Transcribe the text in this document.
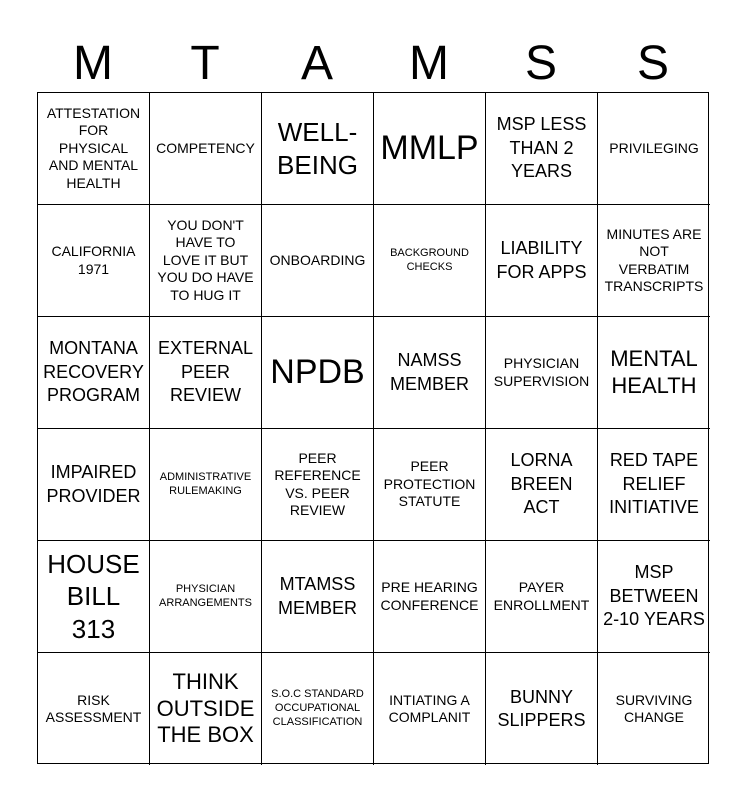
M	T	A	M	S	S
ATTESTATION FOR PHYSICAL AND MENTAL HEALTH
COMPETENCY
WELL-BEING MMLP
MSP LESS THAN 2 YEARS
PRIVILEGING
CALIFORNIA 1971
YOU DON'T HAVE TO LOVE IT BUT YOU DO HAVE TO HUG IT
ONBOARDING	BACKGROUND CHECKS
LIABILITY FOR APPS
MINUTES ARE NOT VERBATIM TRANSCRIPTS
MONTANA RECOVERY PROGRAM
EXTERNAL PEER REVIEW
NPDB	NAMSS MEMBER
PHYSICIAN SUPERVISION
MENTAL HEALTH
IMPAIRED PROVIDER
ADMINISTRATIVE RULEMAKING
PEER REFERENCE VS. PEER REVIEW
PEER PROTECTION STATUTE
LORNA BREEN ACT
RED TAPE RELIEF INITIATIVE
HOUSE BILL 313
PHYSICIAN ARRANGEMENTS
MTAMSS MEMBER
PRE HEARING CONFERENCE
PAYER ENROLLMENT
MSP BETWEEN 2-10 YEARS
RISK ASSESSMENT
THINK OUTSIDE THE BOX
S.O.C STANDARD OCCUPATIONAL CLASSIFICATION
INTIATING A COMPLANIT
BUNNY SLIPPERS
SURVIVING CHANGE
